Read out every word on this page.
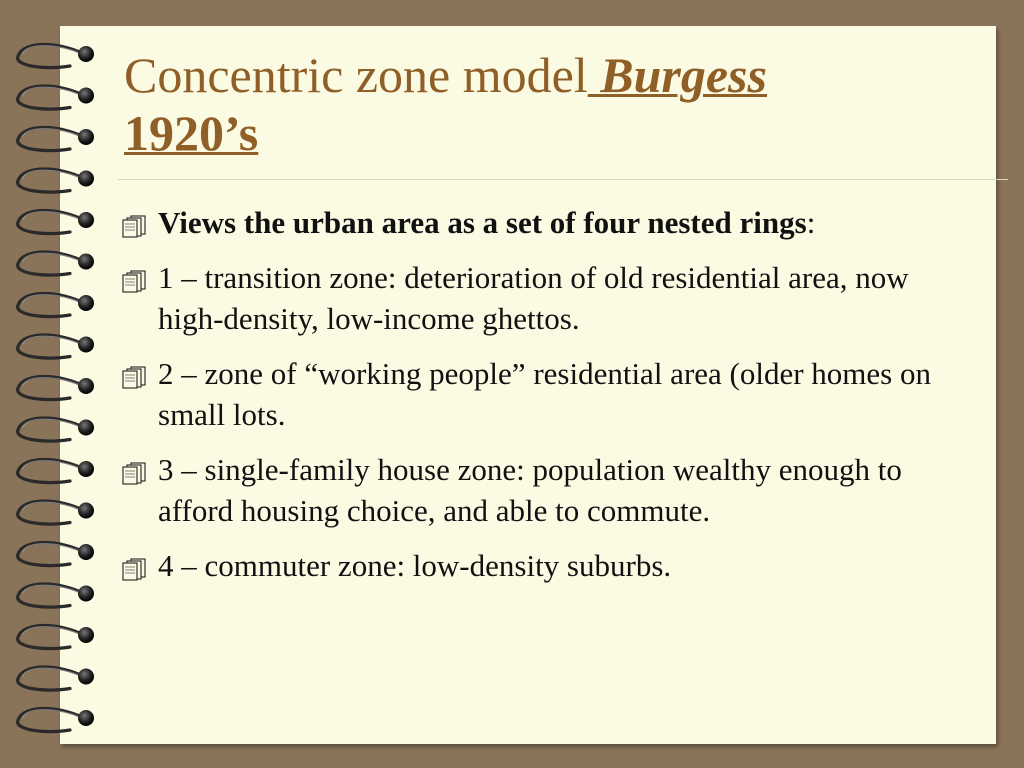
Concentric zone model Burgess
1920’s
Views the urban area as a set of four nested rings:
1 – transition zone: deterioration of old residential area, now high-density, low-income ghettos.
2 – zone of “working people” residential area (older homes on small lots.
3 – single-family house zone: population wealthy enough to afford housing choice, and able to commute.
4 – commuter zone: low-density suburbs.
